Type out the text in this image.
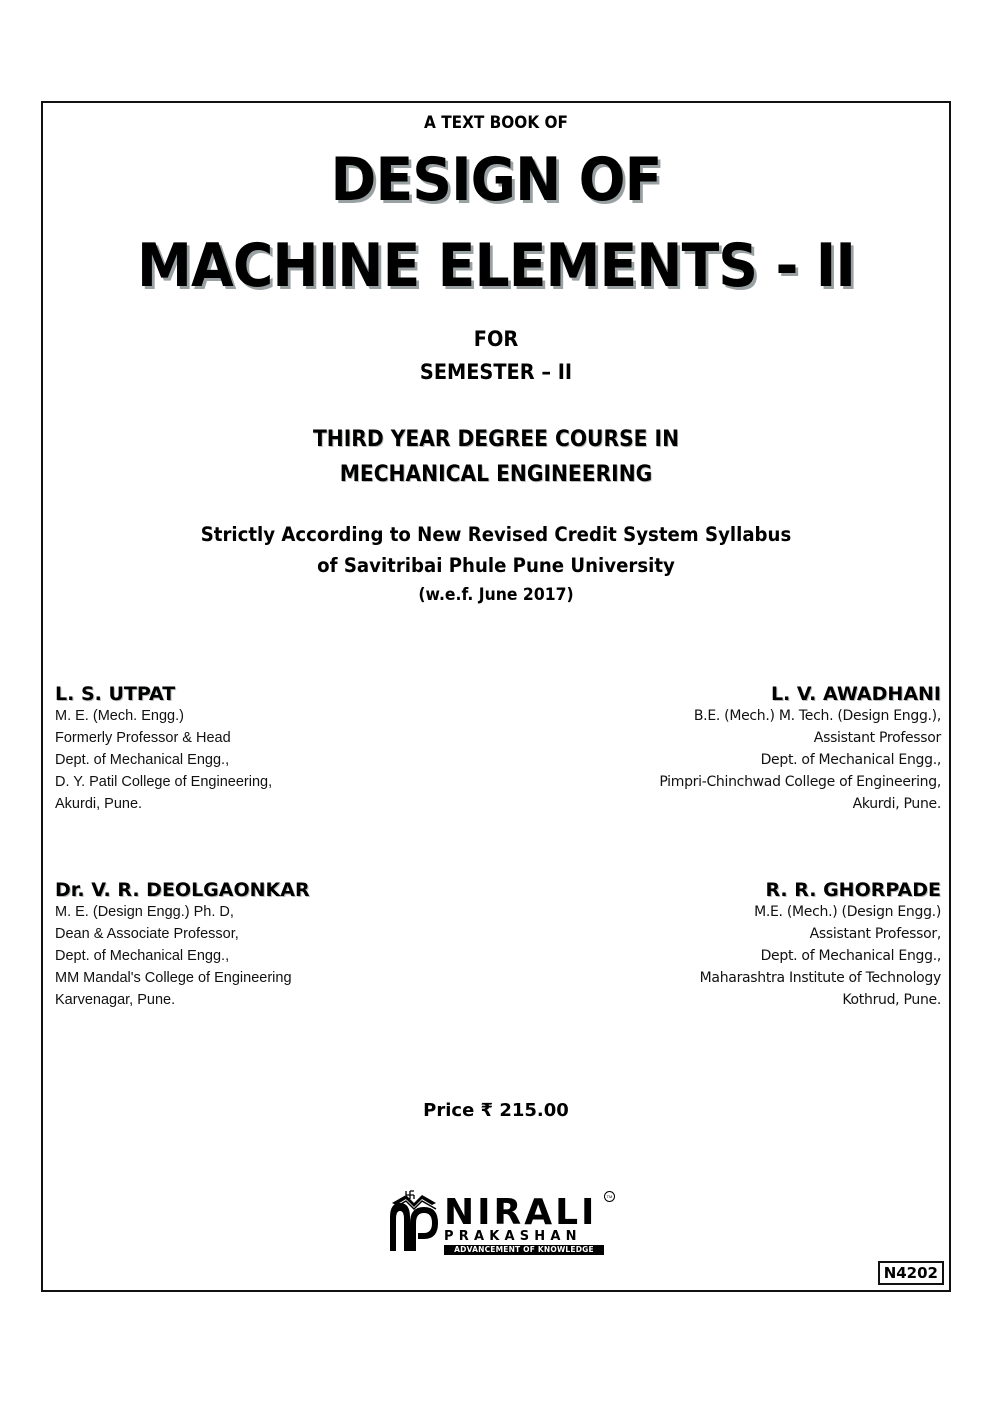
A TEXT BOOK OF
DESIGN OF
MACHINE ELEMENTS - II
FOR
SEMESTER – II
THIRD YEAR DEGREE COURSE IN
MECHANICAL ENGINEERING
Strictly According to New Revised Credit System Syllabus
of Savitribai Phule Pune University
(w.e.f. June 2017)
L. S. UTPAT
M. E. (Mech. Engg.)
Formerly Professor & Head
Dept. of Mechanical Engg.,
D. Y. Patil College of Engineering,
Akurdi, Pune.
L. V. AWADHANI
B.E. (Mech.) M. Tech. (Design Engg.),
Assistant Professor
Dept. of Mechanical Engg.,
Pimpri-Chinchwad College of Engineering,
Akurdi, Pune.
Dr. V. R. DEOLGAONKAR
M. E. (Design Engg.) Ph. D,
Dean & Associate Professor,
Dept. of Mechanical Engg.,
MM Mandal's College of Engineering
Karvenagar, Pune.
R. R. GHORPADE
M.E. (Mech.) (Design Engg.)
Assistant Professor,
Dept. of Mechanical Engg.,
Maharashtra Institute of Technology
Kothrud, Pune.
Price ₹ 215.00
NIRALI	TM
PRAKASHAN
ADVANCEMENT OF KNOWLEDGE
N4202
